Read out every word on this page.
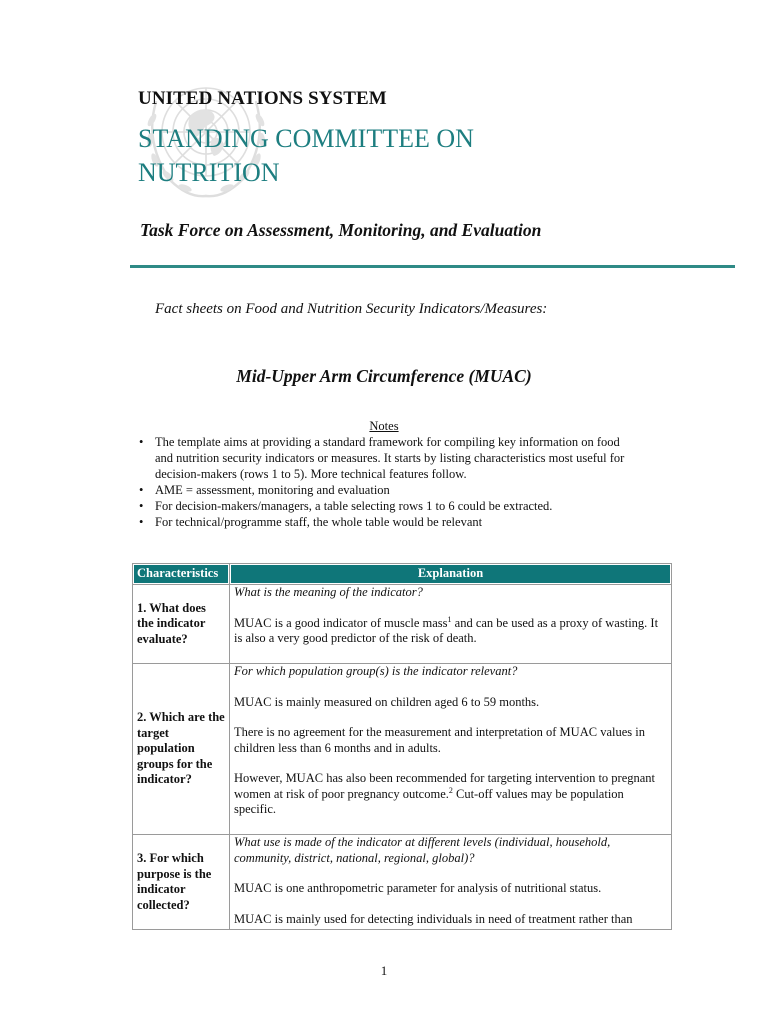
UNITED NATIONS SYSTEM
STANDING COMMITTEE ON
NUTRITION
Task Force on Assessment, Monitoring, and Evaluation
Fact sheets on Food and Nutrition Security Indicators/Measures:
Mid-Upper Arm Circumference (MUAC)
Notes
• The template aims at providing a standard framework for compiling key information on food and nutrition security indicators or measures. It starts by listing characteristics most useful for decision-makers (rows 1 to 5). More technical features follow.
• AME = assessment, monitoring and evaluation
• For decision-makers/managers, a table selecting rows 1 to 6 could be extracted.
• For technical/programme staff, the whole table would be relevant
Characteristics	Explanation
1. What does the indicator evaluate?	What is the meaning of the indicator?
MUAC is a good indicator of muscle mass$^1$ and can be used as a proxy of wasting. It is also a very good predictor of the risk of death.

2. Which are the target population groups for the indicator?	For which population group(s) is the indicator relevant?
MUAC is mainly measured on children aged 6 to 59 months.
There is no agreement for the measurement and interpretation of MUAC values in children less than 6 months and in adults.
However, MUAC has also been recommended for targeting intervention to pregnant women at risk of poor pregnancy outcome.$^2$ Cut-off values may be population specific.

3. For which purpose is the indicator collected?	What use is made of the indicator at different levels (individual, household, community, district, national, regional, global)?
MUAC is one anthropometric parameter for analysis of nutritional status.
MUAC is mainly used for detecting individuals in need of treatment rather than
1
